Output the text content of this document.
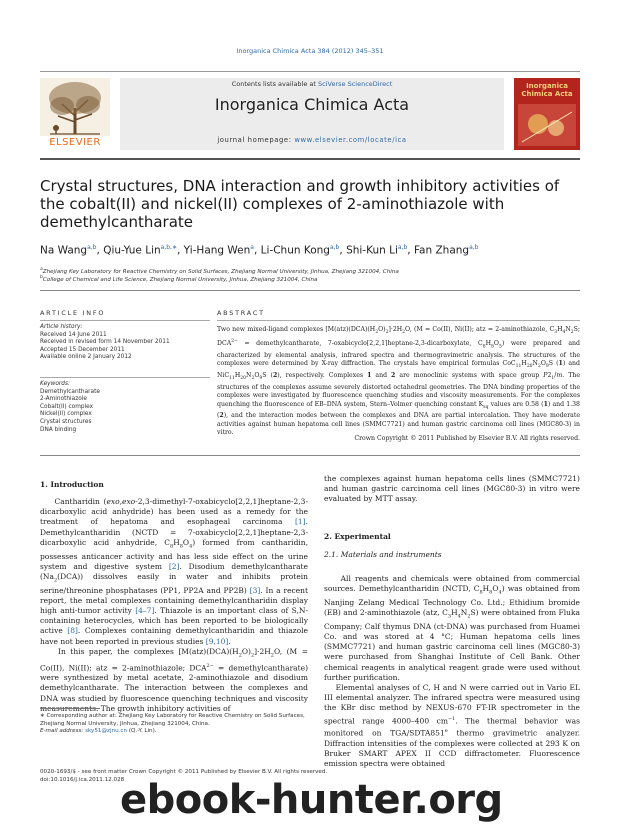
Inorganica Chimica Acta 384 (2012) 345–351
ELSEVIER
Contents lists available at SciVerse ScienceDirect
Inorganica Chimica Acta
journal homepage: www.elsevier.com/locate/ica
Inorganica Chimica Acta
Crystal structures, DNA interaction and growth inhibitory activities of the cobalt(II) and nickel(II) complexes of 2-aminothiazole with demethylcantharate
Na Wang$^{a,b}$, Qiu-Yue Lin$^{a,b,∗}$, Yi-Hang Wen$^a$, Li-Chun Kong$^{a,b}$, Shi-Kun Li$^{a,b}$, Fan Zhang$^{a,b}$
$^a$Zhejiang Key Laboratory for Reactive Chemistry on Solid Surfaces, Zhejiang Normal University, Jinhua, Zhejiang 321004, China
$^b$College of Chemical and Life Science, Zhejiang Normal University, Jinhua, Zhejiang 321004, China
ARTICLE INFO
Article history:
Received 14 June 2011
Received in revised form 14 November 2011
Accepted 15 December 2011
Available online 2 January 2012
Keywords:
Demethylcantharate
2-Aminothiazole
Cobalt(II) complex
Nickel(II) complex
Crystal structures
DNA binding
ABSTRACT
Two new mixed-ligand complexes $[M(atz)(DCA)(H_2O)_2]\cdot 2H_2O$, (M = Co(II), Ni(II); atz = 2-aminothiazole, $C_3H_4N_2S$; $DCA^{2-}$ = demethylcantharate, 7-oxabicyclo[2,2,1]heptane-2,3-dicarboxylate, $C_8H_8O_5$) were prepared and characterized by elemental analysis, infrared spectra and thermogravimetric analysis. The structures of the complexes were determined by X-ray diffraction. The crystals have empirical formulas $CoC_{11}H_{20}N_2O_9S$ (1) and $NiC_{11}H_{20}N_2O_9S$ (2), respectively. Complexes 1 and 2 are monoclinic systems with space group $P2_1/m$. The structures of the complexes assume severely distorted octahedral geometries. The DNA binding properties of the complexes were investigated by fluorescence quenching studies and viscosity measurements. For the complexes quenching the fluorescence of EB–DNA system, Stern–Volmer quenching constant $K_{sq}$ values are 0.58 (1) and 1.38 (2), and the interaction modes between the complexes and DNA are partial intercalation. They have moderate activities against human hepatoma cell lines (SMMC7721) and human gastric carcinoma cell lines (MGC80-3) in vitro.
Crown Copyright © 2011 Published by Elsevier B.V. All rights reserved.
1. Introduction
Cantharidin (exo,exo-2,3-dimethyl-7-oxabicyclo[2,2,1]heptane-2,3-dicarboxylic acid anhydride) has been used as a remedy for the treatment of hepatoma and esophageal carcinoma [1]. Demethylcantharidin (NCTD = 7-oxabicyclo[2,2,1]heptane-2,3-dicarboxylic acid anhydride, $C_8H_8O_4$) formed from cantharidin, possesses anticancer activity and has less side effect on the urine system and digestive system [2]. Disodium demethylcantharate $(Na_2(DCA))$ dissolves easily in water and inhibits protein serine/threonine phosphatases (PP1, PP2A and PP2B) [3]. In a recent report, the metal complexes containing demethylcantharidin display high anti-tumor activity [4–7]. Thiazole is an important class of S,N-containing heterocycles, which has been reported to be biologically active [8]. Complexes containing demethylcantharidin and thiazole have not been reported in previous studies [9,10].
In this paper, the complexes $[M(atz)(DCA)(H_2O)_2]\cdot 2H_2O$, (M = Co(II), Ni(II); atz = 2-aminothiazole; $DCA^{2-}$ = demethylcantharate) were synthesized by metal acetate, 2-aminothiazole and disodium demethylcantharate. The interaction between the complexes and DNA was studied by fluorescence quenching techniques and viscosity measurements. The growth inhibitory activities of
∗ Corresponding author at: Zhejiang Key Laboratory for Reactive Chemistry on Solid Surfaces, Zhejiang Normal University, Jinhua, Zhejiang 321004, China.
E-mail address: sky51@zjnu.cn (Q.-Y. Lin).
the complexes against human hepatoma cells lines (SMMC7721) and human gastric carcinoma cell lines (MGC80-3) in vitro were evaluated by MTT assay.
2. Experimental
2.1. Materials and instruments
All reagents and chemicals were obtained from commercial sources. Demethylcantharidin (NCTD, $C_8H_8O_4$) was obtained from Nanjing Zelang Medical Technology Co. Ltd.; Ethidium bromide (EB) and 2-aminothiazole (atz, $C_3H_4N_2S$) were obtained from Fluka Company; Calf thymus DNA (ct-DNA) was purchased from Huamei Co. and was stored at 4 °C; Human hepatoma cells lines (SMMC7721) and human gastric carcinoma cell lines (MGC80-3) were purchased from Shanghai Institute of Cell Bank. Other chemical reagents in analytical reagent grade were used without further purification.
Elemental analyses of C, H and N were carried out in Vario EL III elemental analyzer. The infrared spectra were measured using the KBr disc method by NEXUS-670 FT-IR spectrometer in the spectral range 4000–400 $cm^{-1}$. The thermal behavior was monitored on TGA/SDTA851e thermo gravimetric analyzer. Diffraction intensities of the complexes were collected at 293 K on Bruker SMART APEX II CCD diffractometer. Fluorescence emission spectra were obtained
0020-1693/$ - see front matter Crown Copyright © 2011 Published by Elsevier B.V. All rights reserved.
doi:10.1016/j.ica.2011.12.028
ebook-hunter.org
